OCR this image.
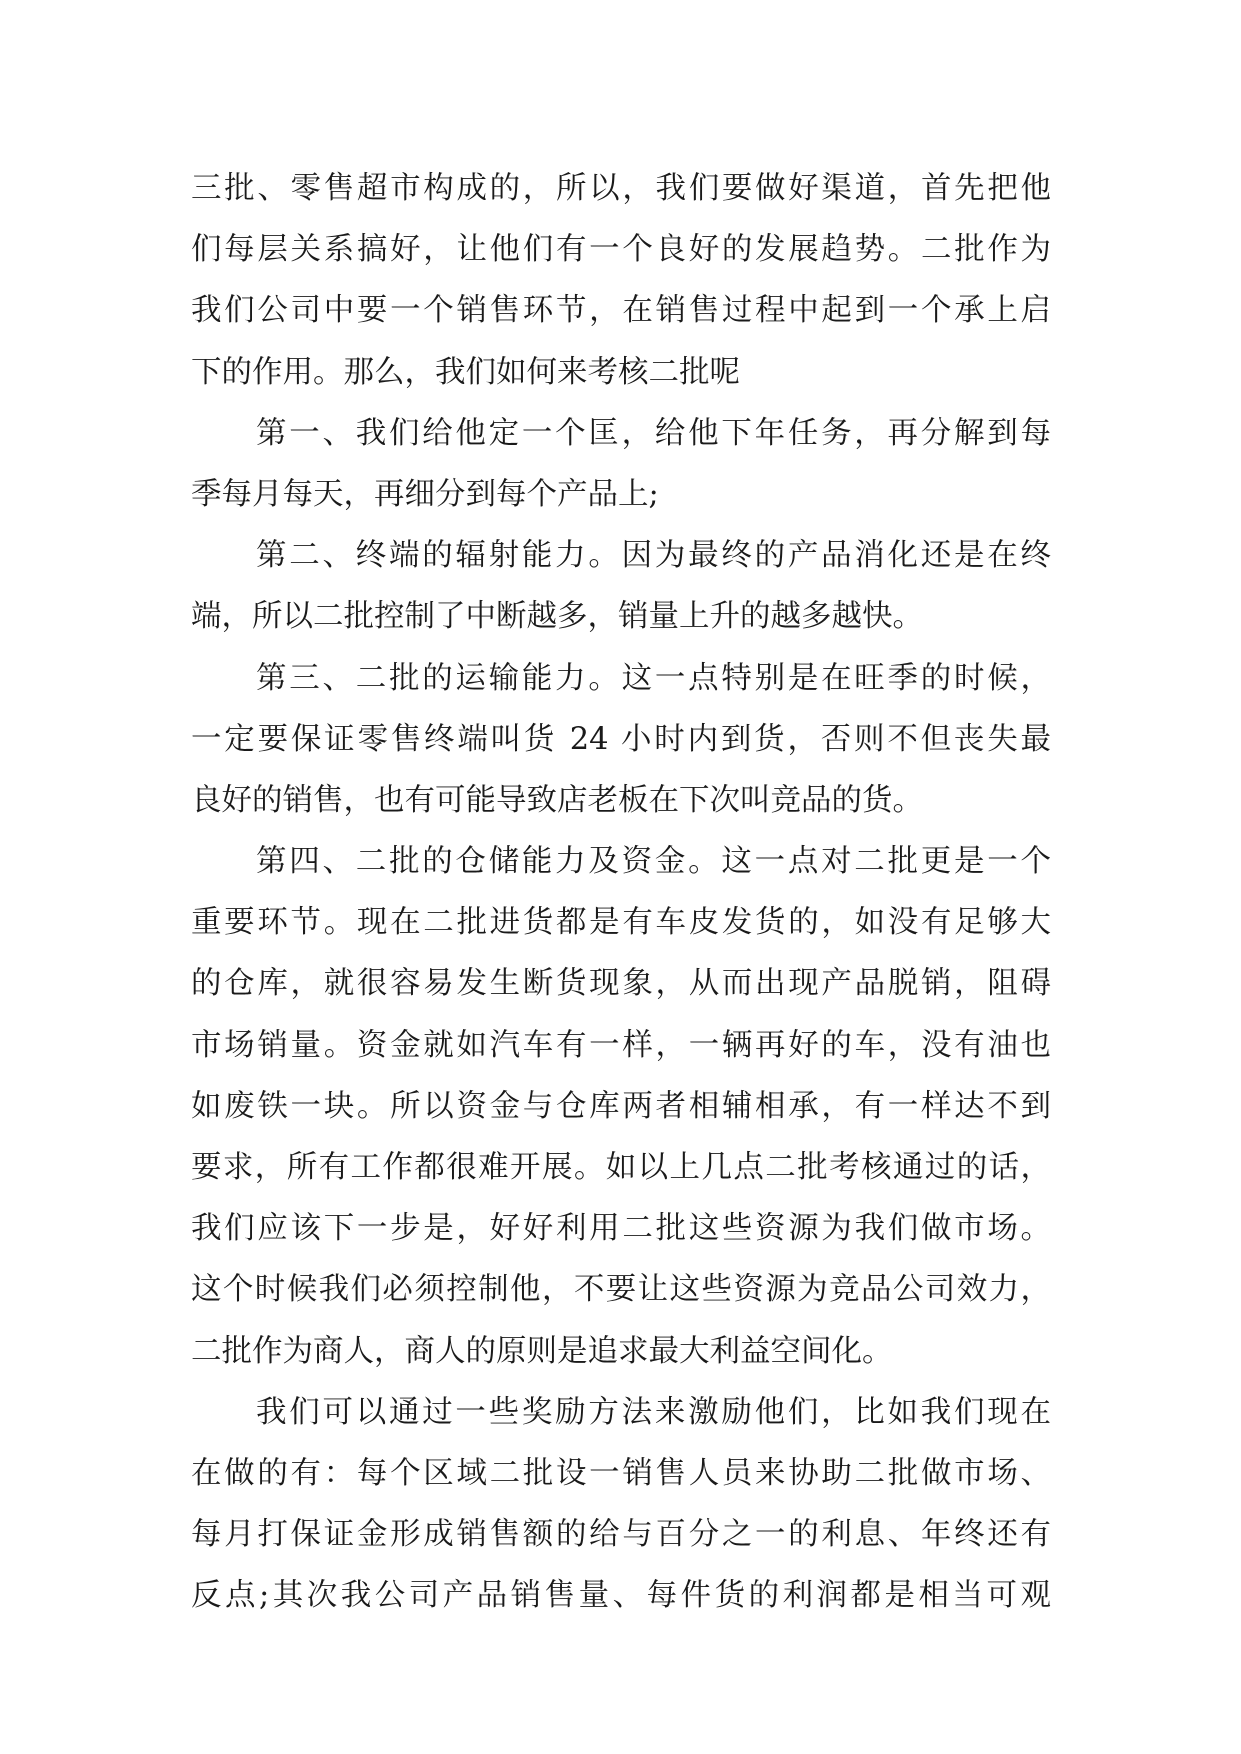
三批、零售超市构成的，所以，我们要做好渠道，首先把他
们每层关系搞好，让他们有一个良好的发展趋势。二批作为
我们公司中要一个销售环节，在销售过程中起到一个承上启
下的作用。那么，我们如何来考核二批呢
第一、我们给他定一个匡，给他下年任务，再分解到每
季每月每天，再细分到每个产品上;
第二、终端的辐射能力。因为最终的产品消化还是在终
端，所以二批控制了中断越多，销量上升的越多越快。
第三、二批的运输能力。这一点特别是在旺季的时候，
一定要保证零售终端叫货 24 小时内到货，否则不但丧失最
良好的销售，也有可能导致店老板在下次叫竞品的货。
第四、二批的仓储能力及资金。这一点对二批更是一个
重要环节。现在二批进货都是有车皮发货的，如没有足够大
的仓库，就很容易发生断货现象，从而出现产品脱销，阻碍
市场销量。资金就如汽车有一样，一辆再好的车，没有油也
如废铁一块。所以资金与仓库两者相辅相承，有一样达不到
要求，所有工作都很难开展。如以上几点二批考核通过的话，
我们应该下一步是，好好利用二批这些资源为我们做市场。
这个时候我们必须控制他，不要让这些资源为竞品公司效力，
二批作为商人，商人的原则是追求最大利益空间化。
我们可以通过一些奖励方法来激励他们，比如我们现在
在做的有：每个区域二批设一销售人员来协助二批做市场、
每月打保证金形成销售额的给与百分之一的利息、年终还有
反点;其次我公司产品销售量、每件货的利润都是相当可观
